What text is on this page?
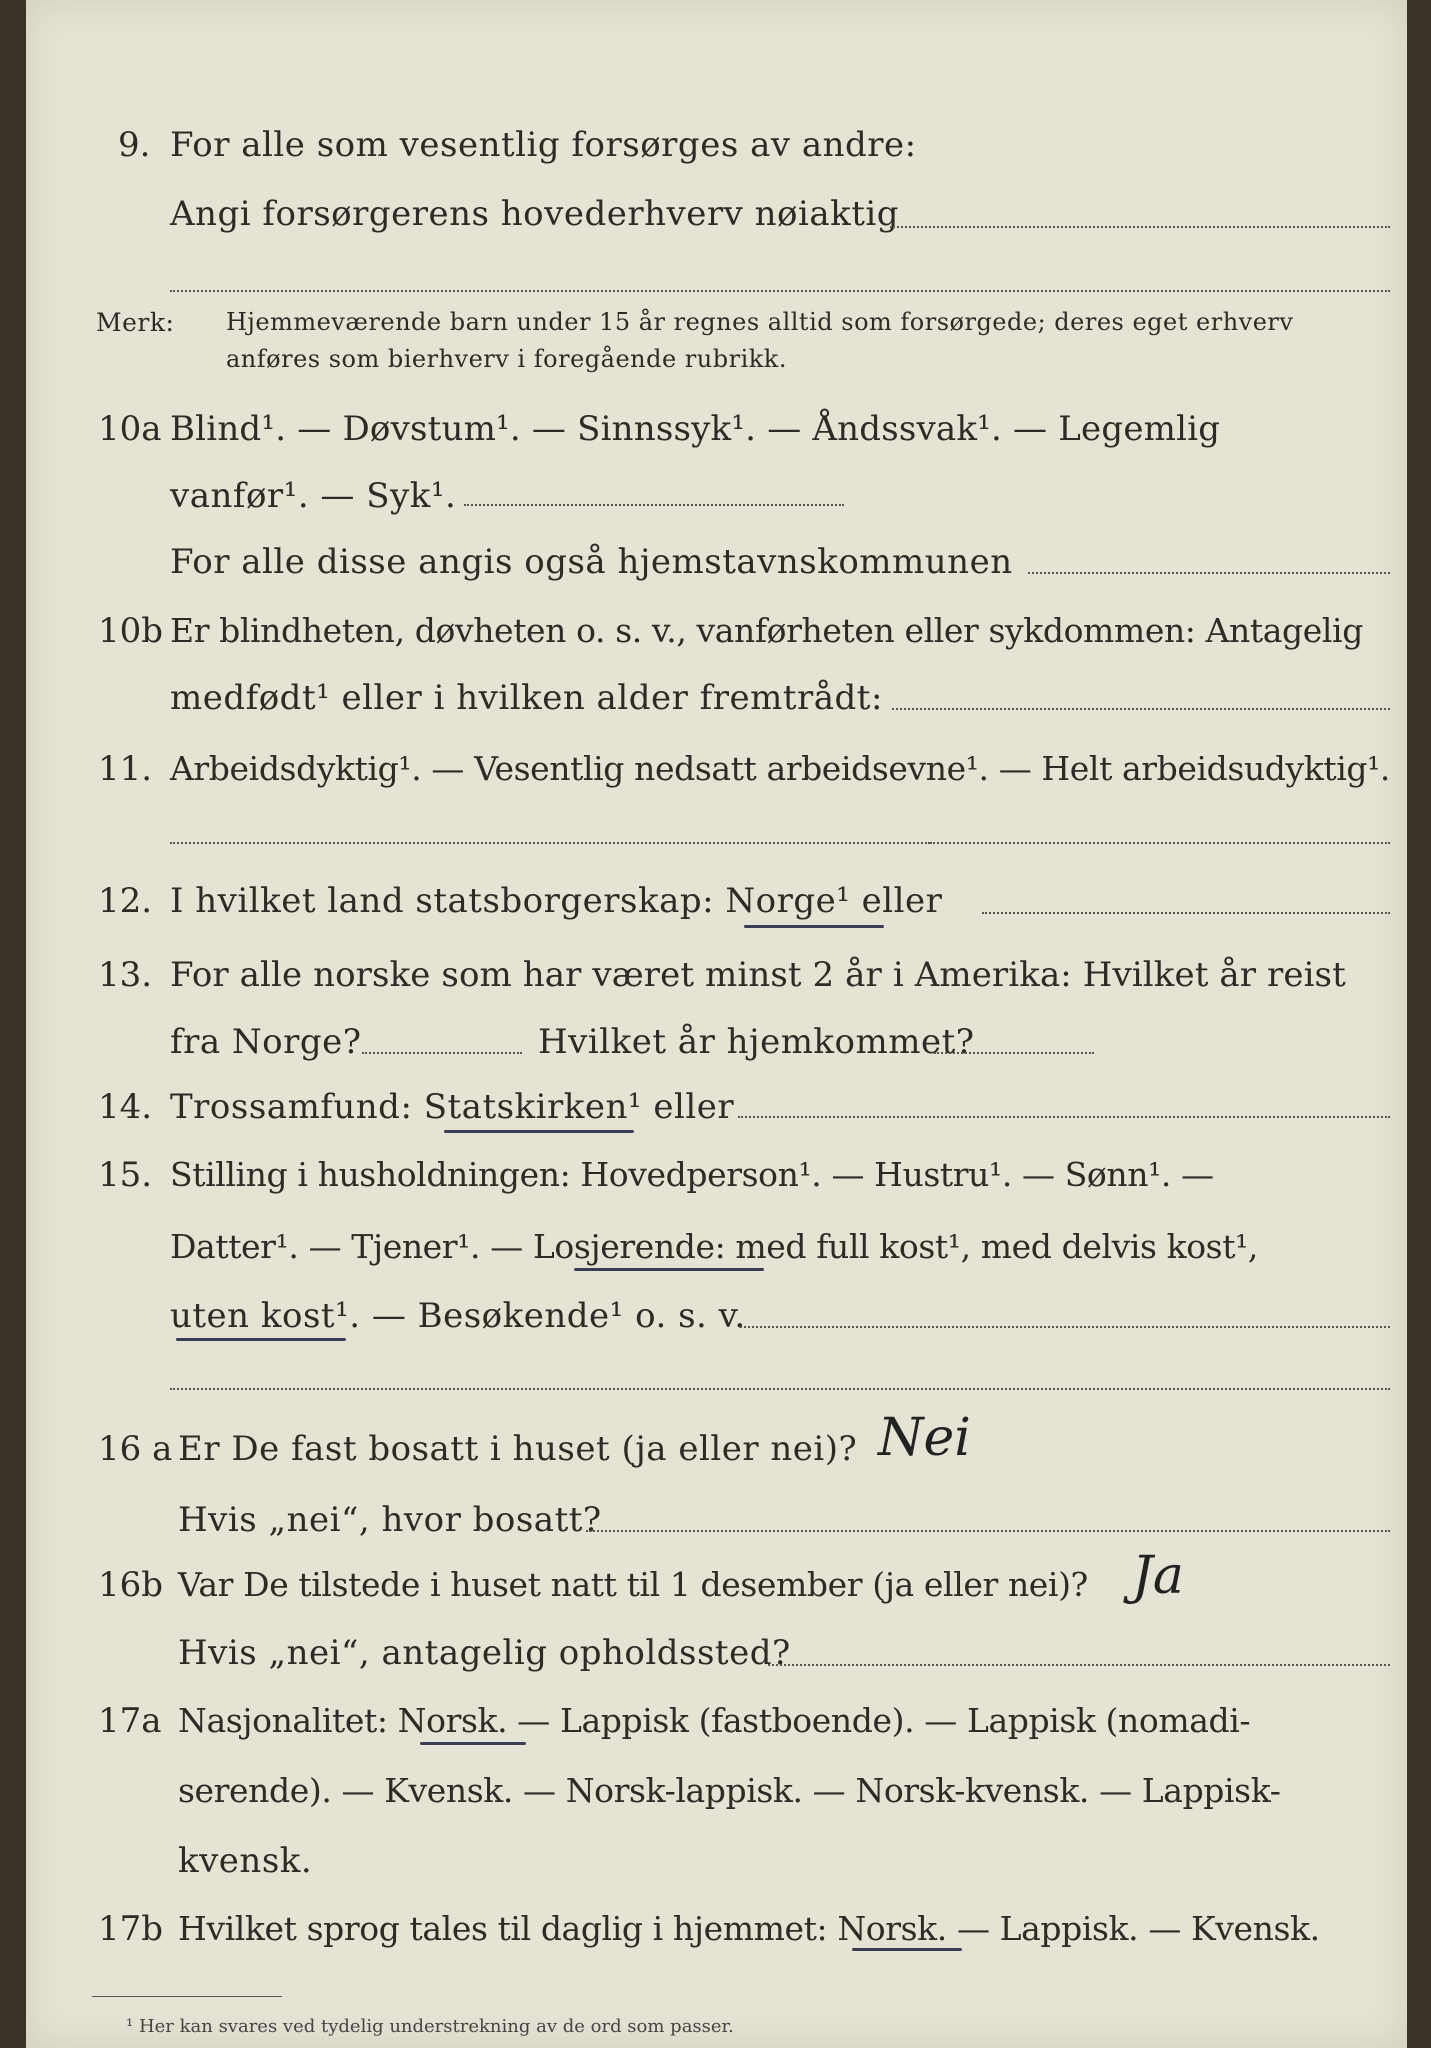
9. For alle som vesentlig forsørges av andre:
Angi forsørgerens hovederhverv nøiaktig
Merk: Hjemmeværende barn under 15 år regnes alltid som forsørgede; deres eget erhverv
anføres som bierhverv i foregående rubrikk.
10a Blind¹. — Døvstum¹. — Sinnssyk¹. — Åndssvak¹. — Legemlig
vanfør¹. — Syk¹.
For alle disse angis også hjemstavnskommunen
10b Er blindheten, døvheten o. s. v., vanførheten eller sykdommen: Antagelig
medfødt¹ eller i hvilken alder fremtrådt:
11. Arbeidsdyktig¹. — Vesentlig nedsatt arbeidsevne¹. — Helt arbeidsudyktig¹.
12. I hvilket land statsborgerskap: Norge¹ eller
13. For alle norske som har været minst 2 år i Amerika: Hvilket år reist
fra Norge?	Hvilket år hjemkommet?
14. Trossamfund: Statskirken¹ eller
15. Stilling i husholdningen: Hovedperson¹. — Hustru¹. — Sønn¹. —
Datter¹. — Tjener¹. — Losjerende: med full kost¹, med delvis kost¹,
uten kost¹. — Besøkende¹ o. s. v.
16 a Er De fast bosatt i huset (ja eller nei)? Nei
Hvis „nei“, hvor bosatt?
16b Var De tilstede i huset natt til 1 desember (ja eller nei)? Ja
Hvis „nei“, antagelig opholdssted?
17a Nasjonalitet: Norsk. — Lappisk (fastboende). — Lappisk (nomadi-
serende). — Kvensk. — Norsk-lappisk. — Norsk-kvensk. — Lappisk-
kvensk.
17b Hvilket sprog tales til daglig i hjemmet: Norsk. — Lappisk. — Kvensk.
¹ Her kan svares ved tydelig understrekning av de ord som passer.
